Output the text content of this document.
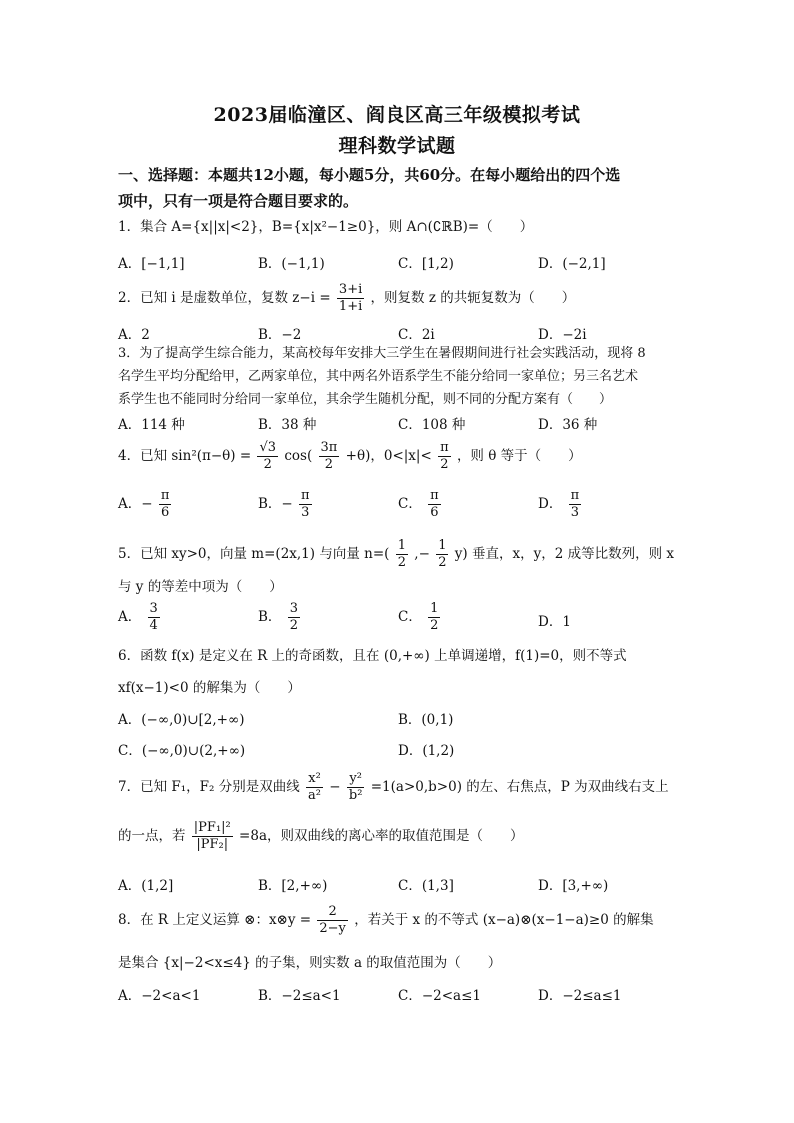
2023届临潼区、阎良区高三年级模拟考试
理科数学试题
一、选择题：本题共12小题，每小题5分，共60分。在每小题给出的四个选
项中，只有一项是符合题目要求的。
1．集合 A={x||x|<2}，B={x|x²−1≥0}，则 A∩(∁ℝB)=（　　）
A．[−1,1]	B．(−1,1)	C．[1,2)	D．(−2,1]
2．已知 i 是虚数单位，复数 $z-i = \frac{3+i}{1+i}$ ，则复数 z 的共轭复数为（　　）
A．2	B．−2	C．2i	D．−2i
3．为了提高学生综合能力，某高校每年安排大三学生在暑假期间进行社会实践活动，现将 8
名学生平均分配给甲，乙两家单位，其中两名外语系学生不能分给同一家单位；另三名艺术
系学生也不能同时分给同一家单位，其余学生随机分配，则不同的分配方案有（　　）
A．114 种	B．38 种	C．108 种	D．36 种
4．已知 $\sin^2(\pi-\theta) = \frac{√3}{2} \cos( \frac{3\pi}{2} +\theta)$，$0<|x|< \frac{\pi}{2}$ ，则 θ 等于（　　）
A．− $\frac{\pi}{6}$	B．− $\frac{\pi}{3}$	C． $\frac{\pi}{6}$	D． $\frac{\pi}{3}$
5．已知 xy>0，向量 m=(2x,1) 与向量 $n=( \frac{1}{2}$ ,− $\frac{1}{2} y$) 垂直，x，y，2 成等比数列，则 x
与 y 的等差中项为（　　）
A． $\frac{3}{4}$	B． $\frac{3}{2}$	C． $\frac{1}{2}$	D．1
6．函数 f(x) 是定义在 R 上的奇函数，且在 (0,+∞) 上单调递增，f(1)=0，则不等式
xf(x−1)<0 的解集为（　　）
A．(−∞,0)∪[2,+∞)	B．(0,1)
C．(−∞,0)∪(2,+∞)	D．(1,2)
7．已知 F₁，F₂ 分别是双曲线 $\frac{\text{x²}}{\text{a²}} - \frac{\text{y²}}{\text{b²}} =1(a>0,b>0)$ 的左、右焦点，P 为双曲线右支上
的一点，若 $\frac{\text{|PF₁|²}}{\text{|PF₂|}} =8a$，则双曲线的离心率的取值范围是（　　）
A．(1,2]	B．[2,+∞)	C．(1,3]	D．[3,+∞)
8．在 R 上定义运算 ⊗：x⊗y = $\frac{2}{2-y}$ ，若关于 x 的不等式 (x−a)⊗(x−1−a)≥0 的解集
是集合 {x|−2<x≤4} 的子集，则实数 a 的取值范围为（　　）
A．−2<a<1	B．−2≤a<1	C．−2<a≤1	D．−2≤a≤1
